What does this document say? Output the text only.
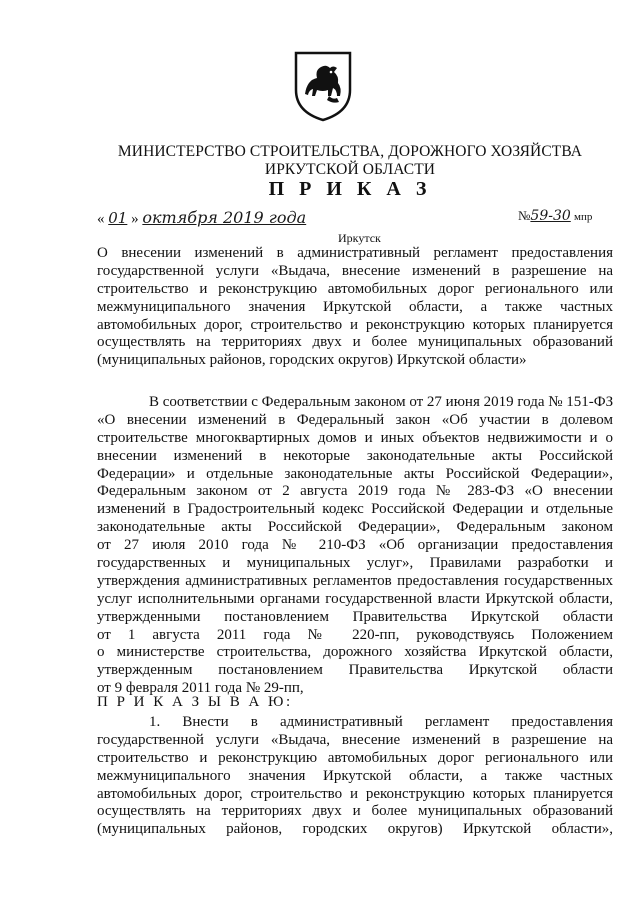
МИНИСТЕРСТВО СТРОИТЕЛЬСТВА, ДОРОЖНОГО ХОЗЯЙСТВА
ИРКУТСКОЙ ОБЛАСТИ
П Р И К А З
« 01 » октября 2019 года	№59-30 мпр
Иркутск
О внесении изменений в административный регламент предоставления
государственной услуги «Выдача, внесение изменений в разрешение на
строительство и реконструкцию автомобильных дорог регионального или
межмуниципального значения Иркутской области, а также частных
автомобильных дорог, строительство и реконструкцию которых планируется
осуществлять на территориях двух и более муниципальных образований
(муниципальных районов, городских округов) Иркутской области»
В соответствии с Федеральным законом от 27 июня 2019 года № 151-ФЗ
«О внесении изменений в Федеральный закон «Об участии в долевом
строительстве многоквартирных домов и иных объектов недвижимости и о
внесении изменений в некоторые законодательные акты Российской
Федерации» и отдельные законодательные акты Российской Федерации»,
Федеральным законом от 2 августа 2019 года № 283-ФЗ «О внесении
изменений в Градостроительный кодекс Российской Федерации и отдельные
законодательные акты Российской Федерации», Федеральным законом
от 27 июля 2010 года № 210-ФЗ «Об организации предоставления
государственных и муниципальных услуг», Правилами разработки и
утверждения административных регламентов предоставления государственных
услуг исполнительными органами государственной власти Иркутской области,
утвержденными постановлением Правительства Иркутской области
от 1 августа 2011 года № 220-пп, руководствуясь Положением
о министерстве строительства, дорожного хозяйства Иркутской области,
утвержденным постановлением Правительства Иркутской области
от 9 февраля 2011 года № 29-пп,
П Р И К А З Ы В А Ю:
1. Внести в административный регламент предоставления
государственной услуги «Выдача, внесение изменений в разрешение на
строительство и реконструкцию автомобильных дорог регионального или
межмуниципального значения Иркутской области, а также частных
автомобильных дорог, строительство и реконструкцию которых планируется
осуществлять на территориях двух и более муниципальных образований
(муниципальных районов, городских округов) Иркутской области»,
